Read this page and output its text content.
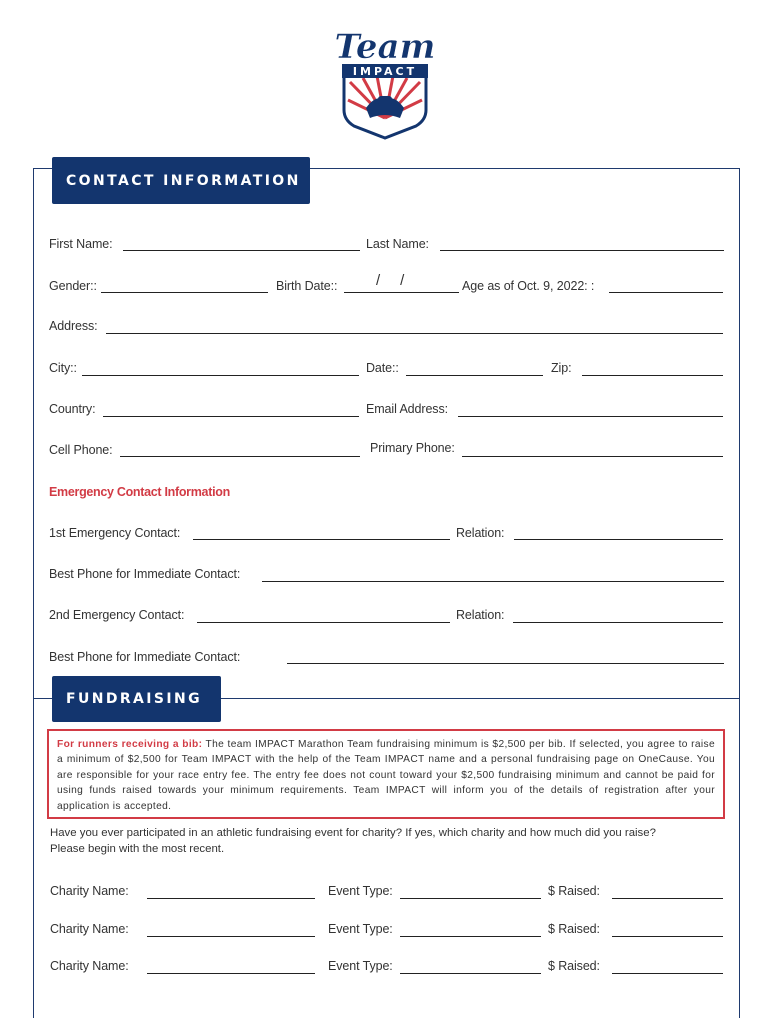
Team
IMPACT
CONTACT INFORMATION
First Name:	Last Name:
Gender::	Birth Date::	/ /	Age as of Oct. 9, 2022: :
Address:
City::	Date::	Zip:
Country:	Email Address:
Cell Phone:	Primary Phone:
Emergency Contact Information
1st Emergency Contact:	Relation:
Best Phone for Immediate Contact:
2nd Emergency Contact:	Relation:
Best Phone for Immediate Contact:
FUNDRAISING
For runners receiving a bib: The team IMPACT Marathon Team fundraising minimum is $2,500 per bib. If selected, you agree to raise a minimum of $2,500 for Team IMPACT with the help of the Team IMPACT name and a personal fundraising page on OneCause. You are responsible for your race entry fee. The entry fee does not count toward your $2,500 fundraising minimum and cannot be paid for using funds raised towards your minimum requirements. Team IMPACT will inform you of the details of registration after your application is accepted.
Have you ever participated in an athletic fundraising event for charity? If yes, which charity and how much did you raise?
Please begin with the most recent.
Charity Name:	Event Type:	$ Raised:
Charity Name:	Event Type:	$ Raised:
Charity Name:	Event Type:	$ Raised:
